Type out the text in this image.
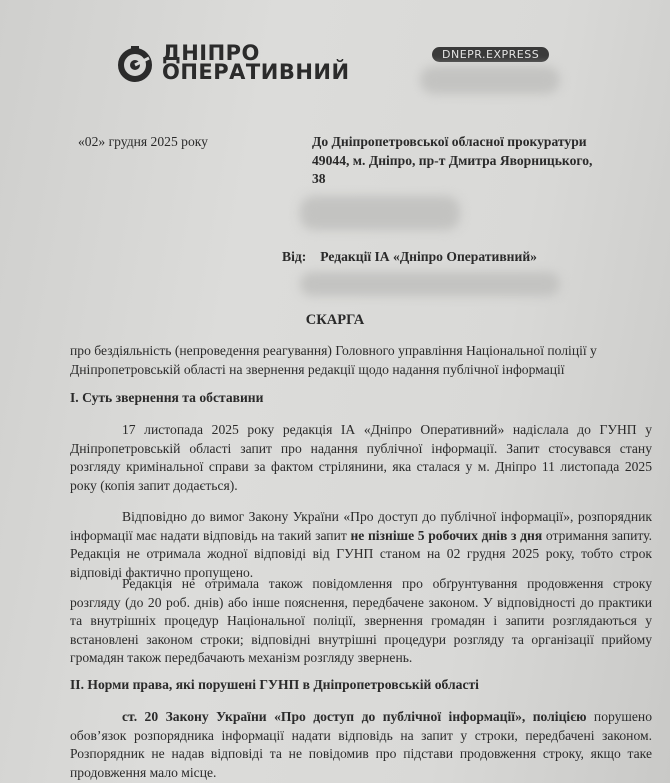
ДНІПРО
ОПЕРАТИВНИЙ
DNEPR.EXPRESS
«02» грудня 2025 року	До Дніпропетровської обласної прокуратури
49044, м. Дніпро, пр-т Дмитра Яворницького,
38
Від: Редакції ІА «Дніпро Оперативний»
СКАРГА
про бездіяльність (непроведення реагування) Головного управління Національної поліції у Дніпропетровській області на звернення редакції щодо надання публічної інформації
І. Суть звернення та обставини
17 листопада 2025 року редакція ІА «Дніпро Оперативний» надіслала до ГУНП у Дніпропетровській області запит про надання публічної інформації. Запит стосувався стану розгляду кримінальної справи за фактом стрілянини, яка сталася у м. Дніпро 11 листопада 2025 року (копія запит додається).
Відповідно до вимог Закону України «Про доступ до публічної інформації», розпорядник інформації має надати відповідь на такий запит не пізніше 5 робочих днів з дня отримання запиту. Редакція не отримала жодної відповіді від ГУНП станом на 02 грудня 2025 року, тобто строк відповіді фактично пропущено.
Редакція не отримала також повідомлення про обґрунтування продовження строку розгляду (до 20 роб. днів) або інше пояснення, передбачене законом. У відповідності до практики та внутрішніх процедур Національної поліції, звернення громадян і запити розглядаються у встановлені законом строки; відповідні внутрішні процедури розгляду та організації прийому громадян також передбачають механізм розгляду звернень.
ІІ. Норми права, які порушені ГУНП в Дніпропетровській області
ст. 20 Закону України «Про доступ до публічної інформації», поліцією порушено обов’язок розпорядника інформації надати відповідь на запит у строки, передбачені законом. Розпорядник не надав відповіді та не повідомив про підстави продовження строку, якщо таке продовження мало місце.
